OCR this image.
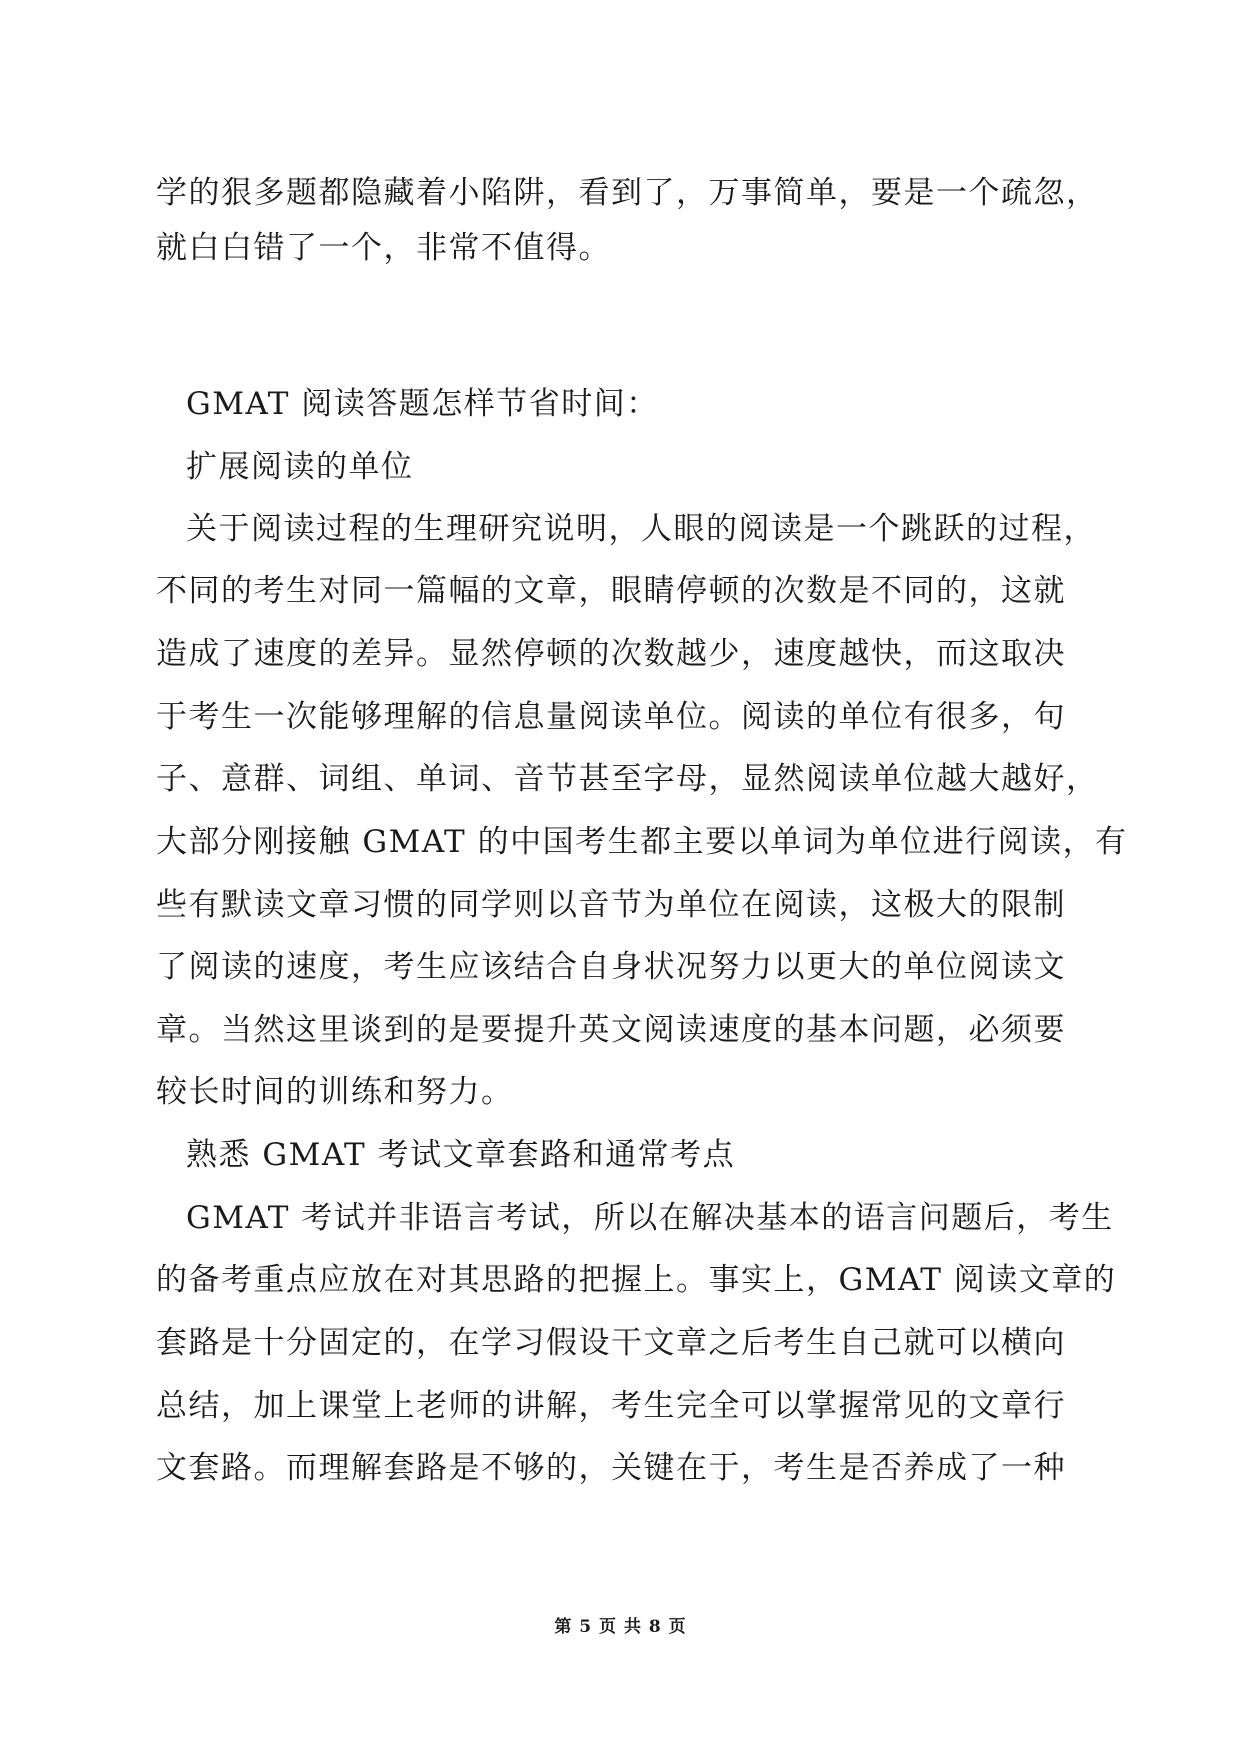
学的狠多题都隐藏着小陷阱，看到了，万事简单，要是一个疏忽，
就白白错了一个，非常不值得。
GMAT 阅读答题怎样节省时间：
扩展阅读的单位
关于阅读过程的生理研究说明，人眼的阅读是一个跳跃的过程，
不同的考生对同一篇幅的文章，眼睛停顿的次数是不同的，这就
造成了速度的差异。显然停顿的次数越少，速度越快，而这取决
于考生一次能够理解的信息量阅读单位。阅读的单位有很多，句
子、意群、词组、单词、音节甚至字母，显然阅读单位越大越好，
大部分刚接触 GMAT 的中国考生都主要以单词为单位进行阅读，有
些有默读文章习惯的同学则以音节为单位在阅读，这极大的限制
了阅读的速度，考生应该结合自身状况努力以更大的单位阅读文
章。当然这里谈到的是要提升英文阅读速度的基本问题，必须要
较长时间的训练和努力。
熟悉 GMAT 考试文章套路和通常考点
GMAT 考试并非语言考试，所以在解决基本的语言问题后，考生
的备考重点应放在对其思路的把握上。事实上，GMAT 阅读文章的
套路是十分固定的，在学习假设干文章之后考生自己就可以横向
总结，加上课堂上老师的讲解，考生完全可以掌握常见的文章行
文套路。而理解套路是不够的，关键在于，考生是否养成了一种
第 5 页 共 8 页
